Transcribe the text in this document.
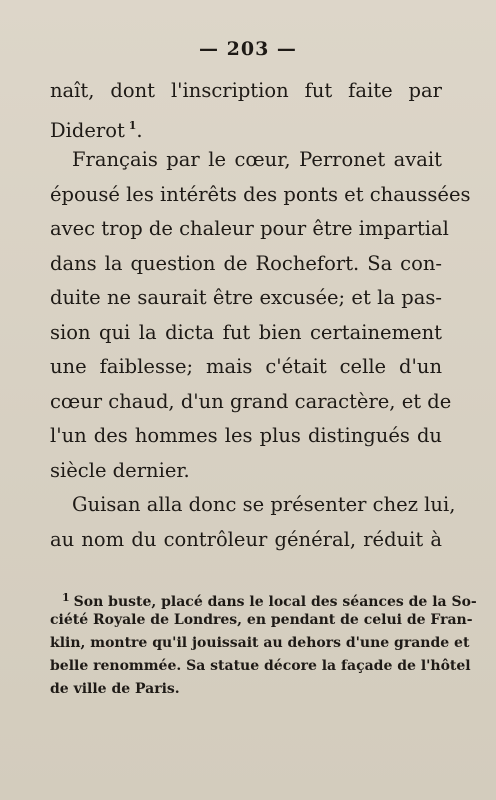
— 203 —
naît, dont l'inscription fut faite par
Diderot  $^1$.
Français par le cœur, Perronet avait
épousé les intérêts des ponts et chaussées
avec trop de chaleur pour être impartial
dans la question de Rochefort. Sa con-
duite ne saurait être excusée; et la pas-
sion qui la dicta fut bien certainement
une faiblesse; mais c'était celle d'un
cœur chaud, d'un grand caractère, et de
l'un des hommes les plus distingués du
siècle dernier.
Guisan alla donc se présenter chez lui,
au nom du contrôleur général, réduit à
$^1$ Son buste, placé dans le local des séances de la So-
ciété Royale de Londres, en pendant de celui de Fran-
klin, montre qu'il jouissait au dehors d'une grande et
belle renommée. Sa statue décore la façade de l'hôtel
de ville de Paris.
